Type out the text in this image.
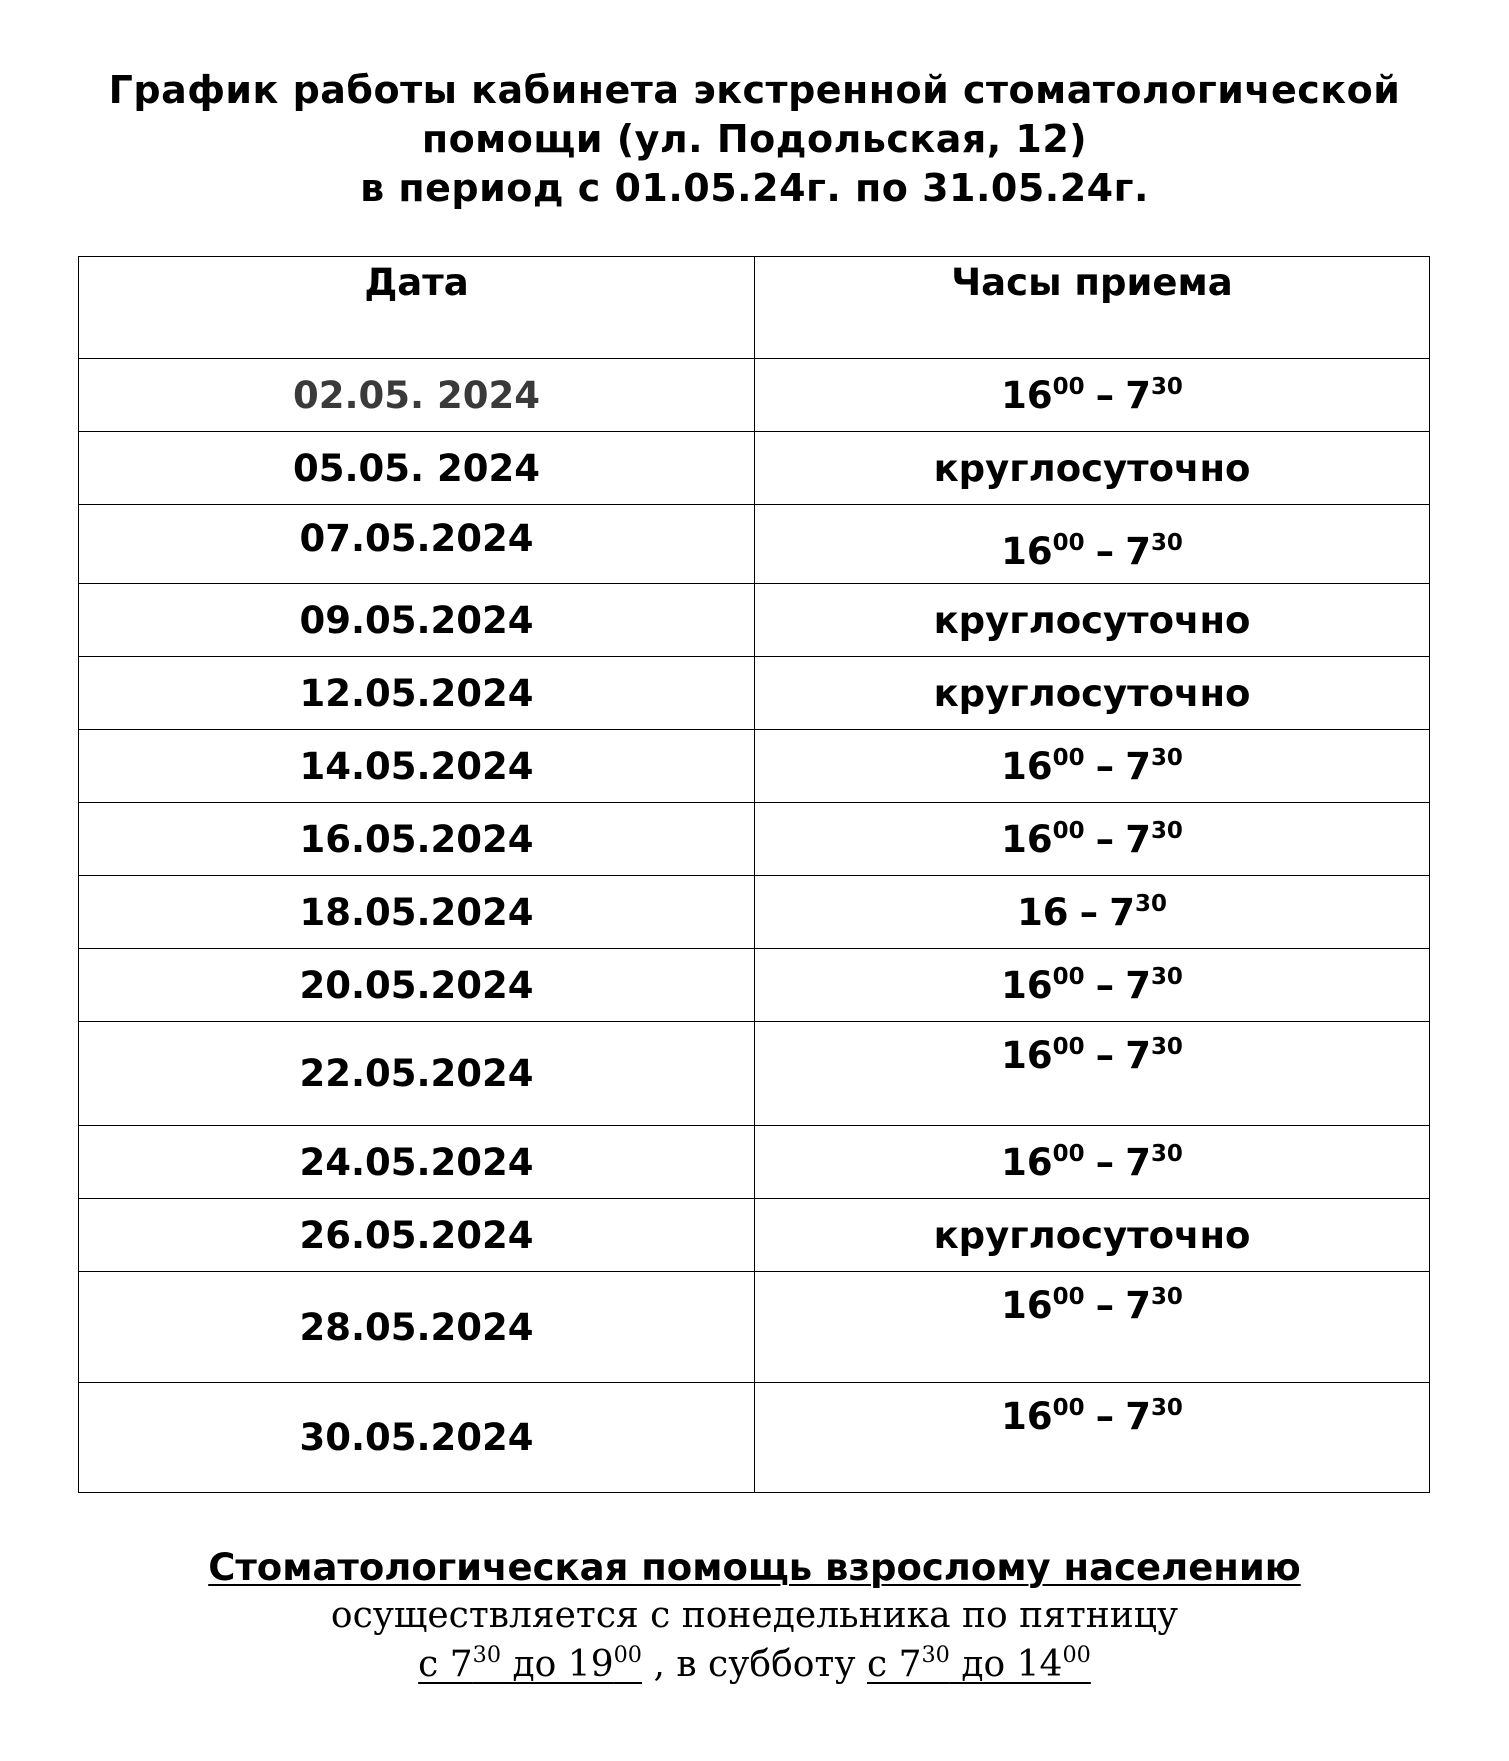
График работы кабинета экстренной стоматологической
помощи (ул. Подольская, 12)
в период с 01.05.24г. по 31.05.24г.
Дата	Часы приема
02.05. 2024	$16^{00} - 7^{30}$
05.05. 2024	круглосуточно
07.05.2024	$16^{00} - 7^{30}$
09.05.2024	круглосуточно
12.05.2024	круглосуточно
14.05.2024	$16^{00} - 7^{30}$
16.05.2024	$16^{00} - 7^{30}$
18.05.2024	$16 - 7^{30}$
20.05.2024	$16^{00} - 7^{30}$
22.05.2024	$16^{00} - 7^{30}$
24.05.2024	$16^{00} - 7^{30}$
26.05.2024	круглосуточно
28.05.2024	$16^{00} - 7^{30}$
30.05.2024	$16^{00} - 7^{30}$
Стоматологическая помощь взрослому населению
осуществляется с понедельника по пятницу
с $7^{30}$ до $19^{00}$ , в субботу с $7^{30}$ до $14^{00}$
